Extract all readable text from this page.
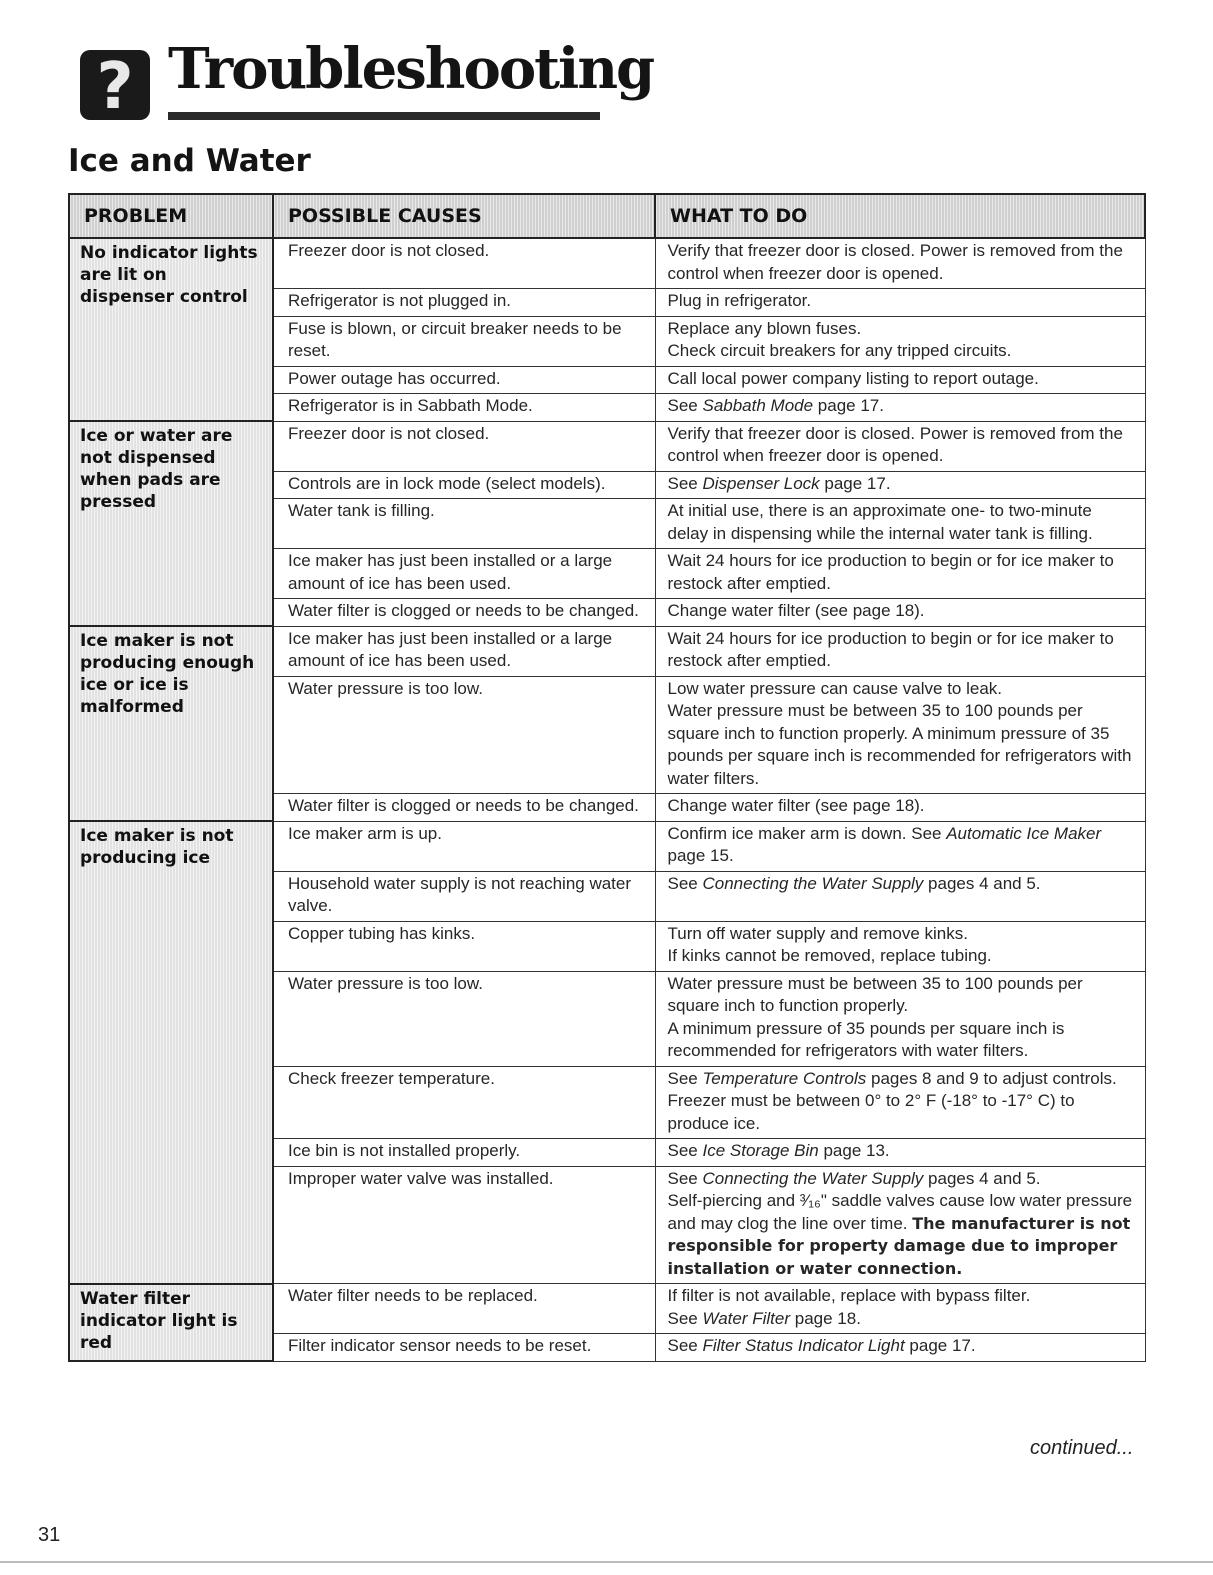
? Troubleshooting
Ice and Water
PROBLEM	POSSIBLE CAUSES	WHAT TO DO
No indicator lights are lit on dispenser control	Freezer door is not closed.	Verify that freezer door is closed. Power is removed from the control when freezer door is opened.
	Refrigerator is not plugged in.	Plug in refrigerator.
	Fuse is blown, or circuit breaker needs to be reset.	Replace any blown fuses.
Check circuit breakers for any tripped circuits.
	Power outage has occurred.	Call local power company listing to report outage.
	Refrigerator is in Sabbath Mode.	See Sabbath Mode page 17.
Ice or water are not dispensed when pads are pressed	Freezer door is not closed.	Verify that freezer door is closed. Power is removed from the control when freezer door is opened.
	Controls are in lock mode (select models).	See Dispenser Lock page 17.
	Water tank is filling.	At initial use, there is an approximate one- to two-minute delay in dispensing while the internal water tank is filling.
	Ice maker has just been installed or a large amount of ice has been used.	Wait 24 hours for ice production to begin or for ice maker to restock after emptied.
	Water filter is clogged or needs to be changed.	Change water filter (see page 18).
Ice maker is not producing enough ice or ice is malformed	Ice maker has just been installed or a large amount of ice has been used.	Wait 24 hours for ice production to begin or for ice maker to restock after emptied.
	Water pressure is too low.	Low water pressure can cause valve to leak.
Water pressure must be between 35 to 100 pounds per square inch to function properly. A minimum pressure of 35 pounds per square inch is recommended for refrigerators with water filters.
	Water filter is clogged or needs to be changed.	Change water filter (see page 18).
Ice maker is not producing ice	Ice maker arm is up.	Confirm ice maker arm is down. See Automatic Ice Maker page 15.
	Household water supply is not reaching water valve.	See Connecting the Water Supply pages 4 and 5.
	Copper tubing has kinks.	Turn off water supply and remove kinks.
If kinks cannot be removed, replace tubing.
	Water pressure is too low.	Water pressure must be between 35 to 100 pounds per square inch to function properly.
A minimum pressure of 35 pounds per square inch is recommended for refrigerators with water filters.
	Check freezer temperature.	See Temperature Controls pages 8 and 9 to adjust controls. Freezer must be between 0° to 2° F (-18° to -17° C) to produce ice.
	Ice bin is not installed properly.	See Ice Storage Bin page 13.
	Improper water valve was installed.	See Connecting the Water Supply pages 4 and 5.
Self-piercing and ³⁄₁₆" saddle valves cause low water pressure and may clog the line over time. The manufacturer is not responsible for property damage due to improper installation or water connection.
Water filter indicator light is red	Water filter needs to be replaced.	If filter is not available, replace with bypass filter.
See Water Filter page 18.
	Filter indicator sensor needs to be reset.	See Filter Status Indicator Light page 17.
continued...
31
